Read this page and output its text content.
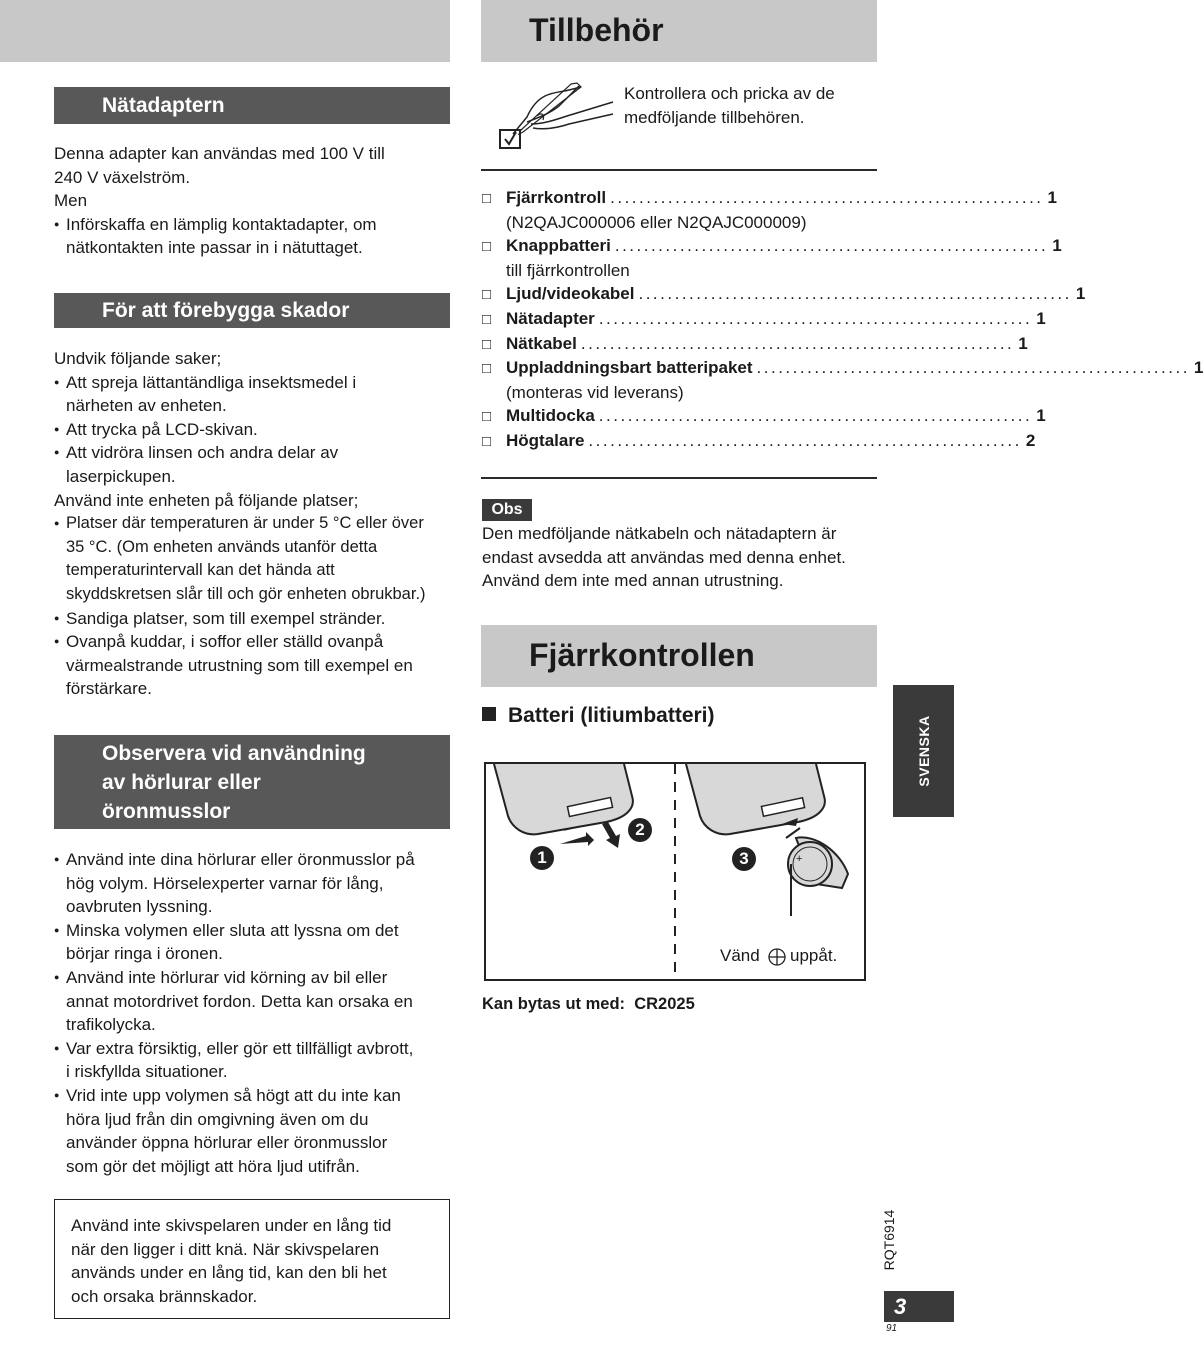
Nätadaptern
Denna adapter kan användas med 100 V till
240 V växelström.
Men
● Införskaffa en lämplig kontaktadapter, om
nätkontakten inte passar in i nätuttaget.
För att förebygga skador

Undvik följande saker;

● Att spreja lättantändliga insektsmedel i
närheten av enheten.
● Att trycka på LCD-skivan.
● Att vidröra linsen och andra delar av
laserpickupen.

Använd inte enheten på följande platser;

● Platser där temperaturen är under 5 °C eller över
35 °C. (Om enheten används utanför detta
temperaturintervall kan det hända att
skyddskretsen slår till och gör enheten obrukbar.)
● Sandiga platser, som till exempel stränder.
● Ovanpå kuddar, i soffor eller ställd ovanpå
värmealstrande utrustning som till exempel en
förstärkare.
Observera vid användning
av hörlurar eller
öronmusslor
● Använd inte dina hörlurar eller öronmusslor på
hög volym. Hörselexperter varnar för lång,
oavbruten lyssning.
● Minska volymen eller sluta att lyssna om det
börjar ringa i öronen.
● Använd inte hörlurar vid körning av bil eller
annat motordrivet fordon. Detta kan orsaka en
trafikolycka.
● Var extra försiktig, eller gör ett tillfälligt avbrott,
i riskfyllda situationer.
● Vrid inte upp volymen så högt att du inte kan
höra ljud från din omgivning även om du
använder öppna hörlurar eller öronmusslor
som gör det möjligt att höra ljud utifrån.
Använd inte skivspelaren under en lång tid
när den ligger i ditt knä. När skivspelaren
används under en lång tid, kan den bli het
och orsaka brännskador.
Tillbehör
Kontrollera och pricka av de
medföljande tillbehören.
□ Fjärrkontroll ............................................................ 1
(N2QAJC000006 eller N2QAJC000009)
□ Knappbatteri ............................................................ 1
till fjärrkontrollen
□ Ljud/videokabel ............................................................ 1
□ Nätadapter ............................................................ 1
□ Nätkabel ............................................................ 1
□ Uppladdningsbart batteripaket ............................................................ 1
(monteras vid leverans)
□ Multidocka ............................................................ 1
□ Högtalare ............................................................ 2
Obs
Den medföljande nätkabeln och nätadaptern är
endast avsedda att användas med denna enhet.
Använd dem inte med annan utrustning.
Fjärrkontrollen
Batteri (litiumbatteri)
+
1
2
3
Vänd uppåt.
Kan bytas ut med: CR2025
SVENSKA
RQT6914
3
91
